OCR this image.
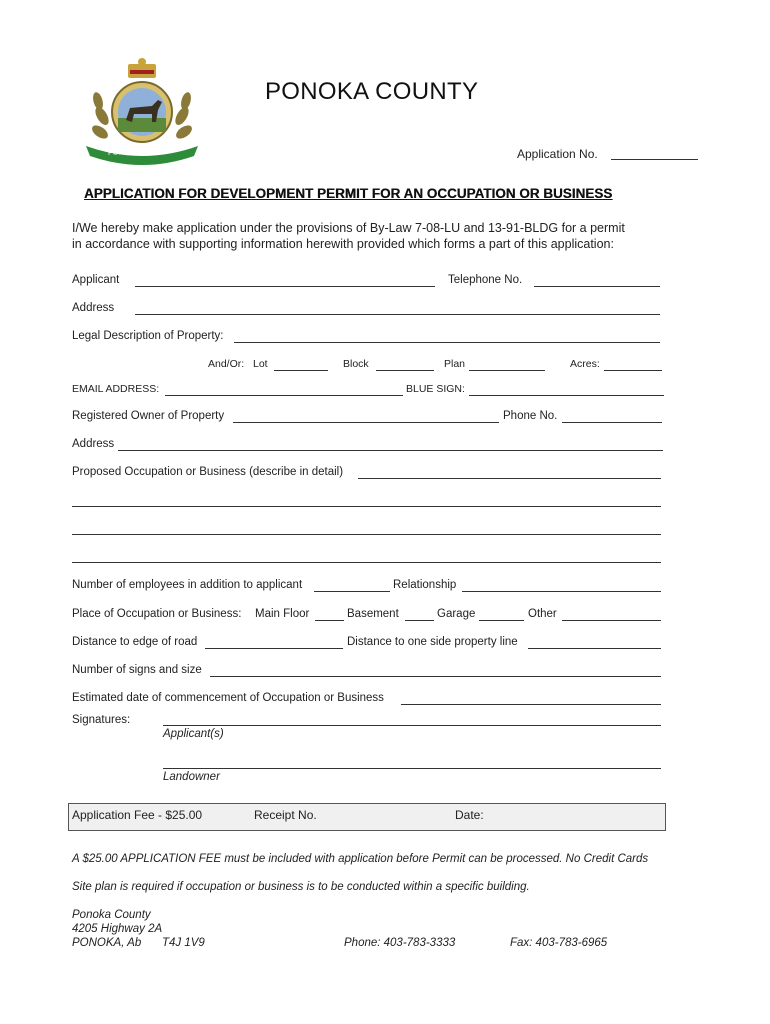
PONOKA COUNTY
PONOKA COUNTY
Application No.
APPLICATION FOR DEVELOPMENT PERMIT FOR AN OCCUPATION OR BUSINESS
I/We hereby make application under the provisions of By-Law 7-08-LU and 13-91-BLDG for a permit
in accordance with supporting information herewith provided which forms a part of this application:
Applicant	Telephone No.
Address
Legal Description of Property:
And/Or: Lot	Block	Plan	Acres:
EMAIL ADDRESS:	BLUE SIGN:
Registered Owner of Property	Phone No.
Address
Proposed Occupation or Business (describe in detail)
Number of employees in addition to applicant	Relationship
Place of Occupation or Business: Main Floor	Basement	Garage	Other
Distance to edge of road	Distance to one side property line
Number of signs and size
Estimated date of commencement of Occupation or Business
Signatures:
Applicant(s)
Landowner
Application Fee - $25.00	Receipt No.	Date:
A $25.00 APPLICATION FEE must be included with application before Permit can be processed. No Credit Cards
Site plan is required if occupation or business is to be conducted within a specific building.
Ponoka County
4205 Highway 2A
PONOKA, Ab T4J 1V9	Phone: 403-783-3333	Fax: 403-783-6965
